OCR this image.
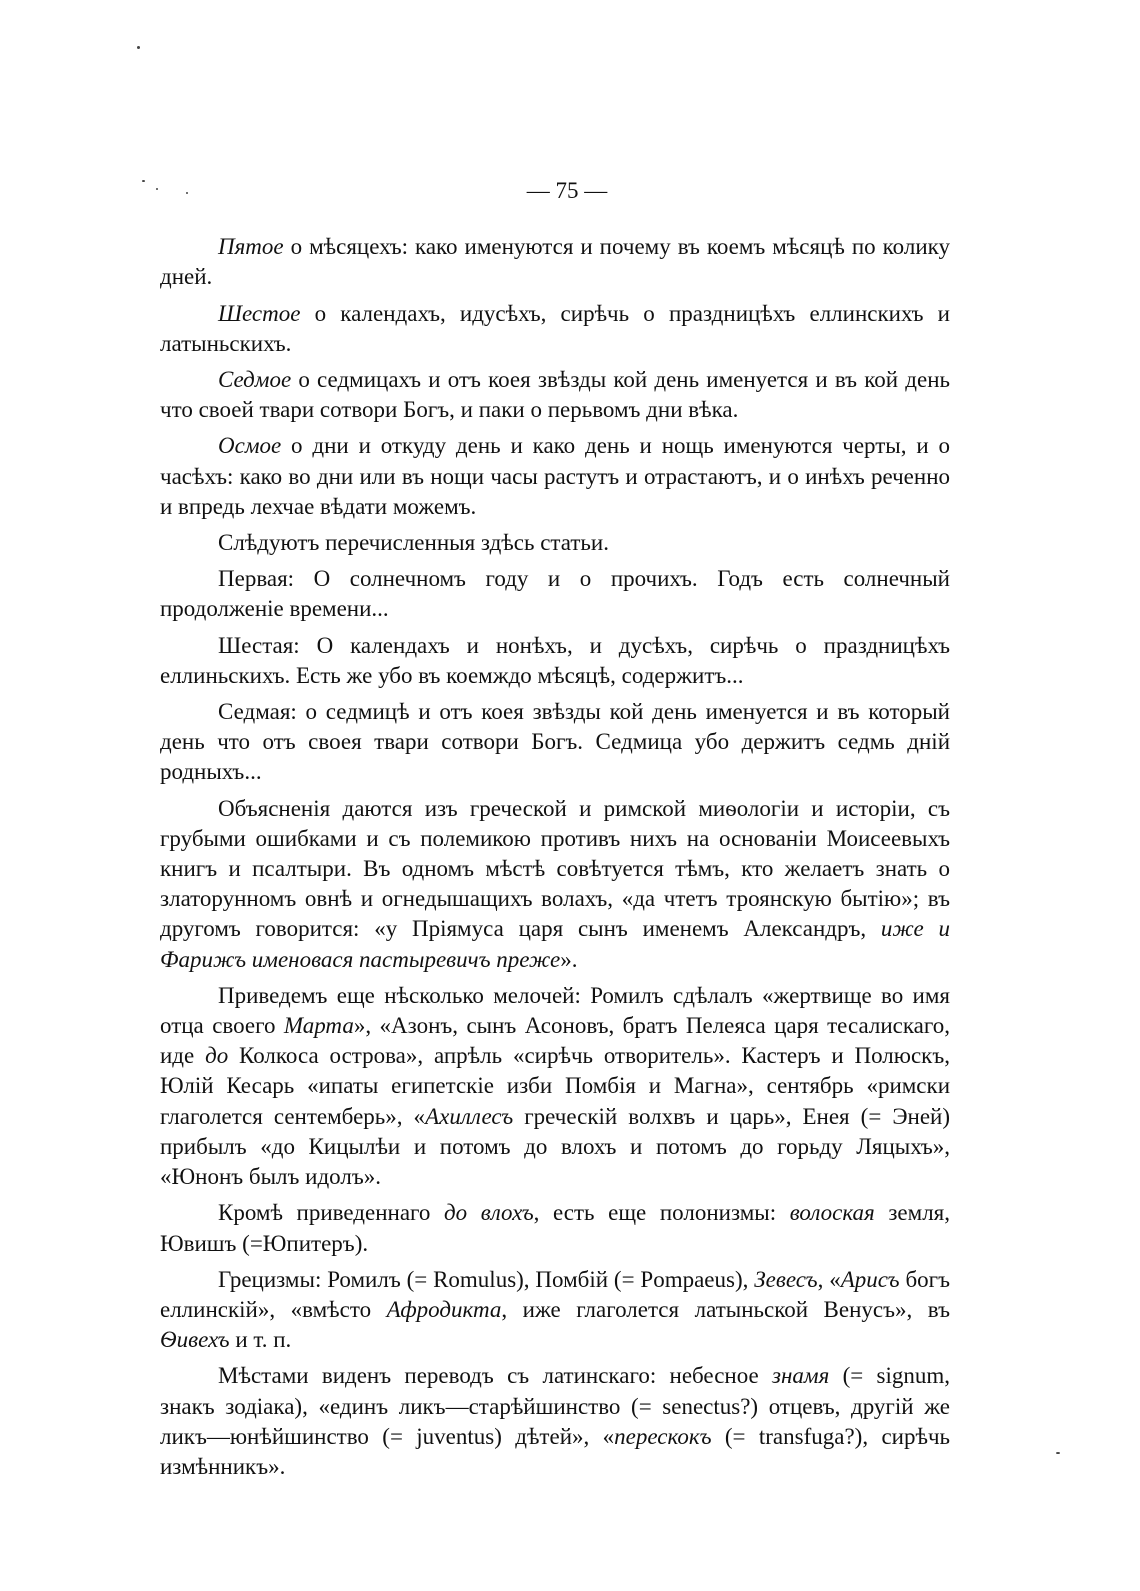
— 75 —

Пятое о мѣсяцехъ: како именуются и почему въ коемъ мѣсяцѣ по колику дней.

Шестое о календахъ, идусѣхъ, сирѣчь о праздницѣхъ еллинскихъ и латыньскихъ.

Седмое о седмицахъ и отъ коея звѣзды кой день именуется и въ кой день что своей твари сотвори Богъ, и паки о перьвомъ дни вѣка.

Осмое о дни и откуду день и како день и нощь именуются черты, и о часѣхъ: како во дни или въ нощи часы растутъ и отрастаютъ, и о инѣхъ реченно и впредь лехчае вѣдати можемъ.

Слѣдуютъ перечисленныя здѣсь статьи.

Первая: О солнечномъ году и о прочихъ. Годъ есть солнечный продолженіе времени...

Шестая: О календахъ и нонѣхъ, и дусѣхъ, сирѣчь о праздницѣхъ еллиньскихъ. Есть же убо въ коемждо мѣсяцѣ, содержитъ...

Седмая: о седмицѣ и отъ коея звѣзды кой день именуется и въ который день что отъ своея твари сотвори Богъ. Седмица убо держитъ седмь дній родныхъ...

Объясненія даются изъ греческой и римской миѳологіи и исторіи, съ грубыми ошибками и съ полемикою противъ нихъ на основаніи Моисеевыхъ книгъ и псалтыри. Въ одномъ мѣстѣ совѣтуется тѣмъ, кто желаетъ знать о златорунномъ овнѣ и огнедышащихъ волахъ, «да чтетъ троянскую бытію»; въ другомъ говорится: «у Пріямуса царя сынъ именемъ Александръ, иже и Фарижъ именовася пастыревичъ преже».

Приведемъ еще нѣсколько мелочей: Ромилъ сдѣлалъ «жертвище во имя отца своего Марта», «Азонъ, сынъ Асоновъ, братъ Пелеяса царя тесалискаго, иде до Колкоса острова», апрѣль «сирѣчь отворитель». Кастеръ и Полюскъ, Юлій Кесарь «ипаты египетскіе изби Помбія и Магна», сентябрь «римски глаголется сентемберь», «Ахиллесъ греческій волхвъ и царь», Енея (= Эней) прибылъ «до Кицылѣи и потомъ до влохъ и потомъ до горьду Ляцыхъ», «Юнонъ былъ идолъ».

Кромѣ приведеннаго до влохъ, есть еще полонизмы: волоская земля, Ювишъ (=Юпитеръ).

Грецизмы: Ромилъ (= Romulus), Помбій (= Pompaeus), Зевесъ, «Арисъ богъ еллинскій», «вмѣсто Афродикта, иже глаголется латыньской Венусъ», въ Ѳивехъ и т. п.

Мѣстами виденъ переводъ съ латинскаго: небесное знамя (= signum, знакъ зодіака), «единъ ликъ—старѣйшинство (= senectus?) отцевъ, другій же ликъ—юнѣйшинство (= juventus) дѣтей», «перескокъ (= transfuga?), сирѣчь измѣнникъ».
